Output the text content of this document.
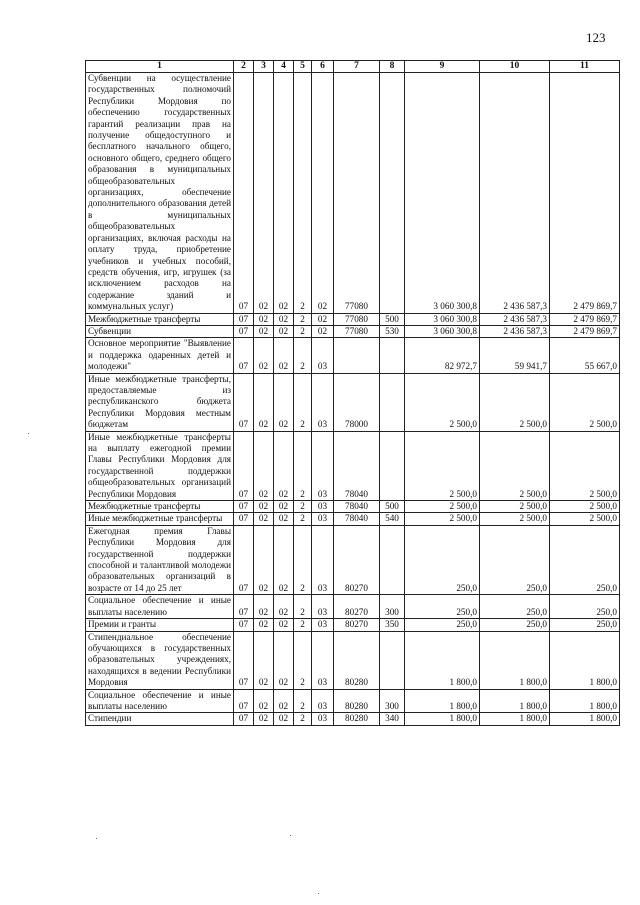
123
1	2	3	4	5	6	7	8	9	10	11
Субвенции на осуществление государственных полномочий Республики Мордовия по обеспечению государственных гарантий реализации прав на получение общедоступного и бесплатного начального общего, основного общего, среднего общего образования в муниципальных общеобразовательных организациях, обеспечение дополнительного образования детей в муниципальных общеобразовательных организациях, включая расходы на оплату труда, приобретение учебников и учебных пособий, средств обучения, игр, игрушек (за исключением расходов на содержание зданий и коммунальных услуг)	07	02	02	2	02	77080		3 060 300,8	2 436 587,3	2 479 869,7
Межбюджетные трансферты	07	02	02	2	02	77080	500	3 060 300,8	2 436 587,3	2 479 869,7
Субвенции	07	02	02	2	02	77080	530	3 060 300,8	2 436 587,3	2 479 869,7
Основное мероприятие "Выявление и поддержка одаренных детей и молодежи"	07	02	02	2	03			82 972,7	59 941,7	55 667,0
Иные межбюджетные трансферты, предоставляемые из республиканского бюджета Республики Мордовия местным бюджетам	07	02	02	2	03	78000		2 500,0	2 500,0	2 500,0
Иные межбюджетные трансферты на выплату ежегодной премии Главы Республики Мордовия для государственной поддержки общеобразовательных организаций Республики Мордовия	07	02	02	2	03	78040		2 500,0	2 500,0	2 500,0
Межбюджетные трансферты	07	02	02	2	03	78040	500	2 500,0	2 500,0	2 500,0
Иные межбюджетные трансферты	07	02	02	2	03	78040	540	2 500,0	2 500,0	2 500,0
Ежегодная премия Главы Республики Мордовия для государственной поддержки способной и талантливой молодежи образовательных организаций в возрасте от 14 до 25 лет	07	02	02	2	03	80270		250,0	250,0	250,0
Социальное обеспечение и иные выплаты населению	07	02	02	2	03	80270	300	250,0	250,0	250,0
Премии и гранты	07	02	02	2	03	80270	350	250,0	250,0	250,0
Стипендиальное обеспечение обучающихся в государственных образовательных учреждениях, находящихся в ведении Республики Мордовия	07	02	02	2	03	80280		1 800,0	1 800,0	1 800,0
Социальное обеспечение и иные выплаты населению	07	02	02	2	03	80280	300	1 800,0	1 800,0	1 800,0
Стипендии	07	02	02	2	03	80280	340	1 800,0	1 800,0	1 800,0
